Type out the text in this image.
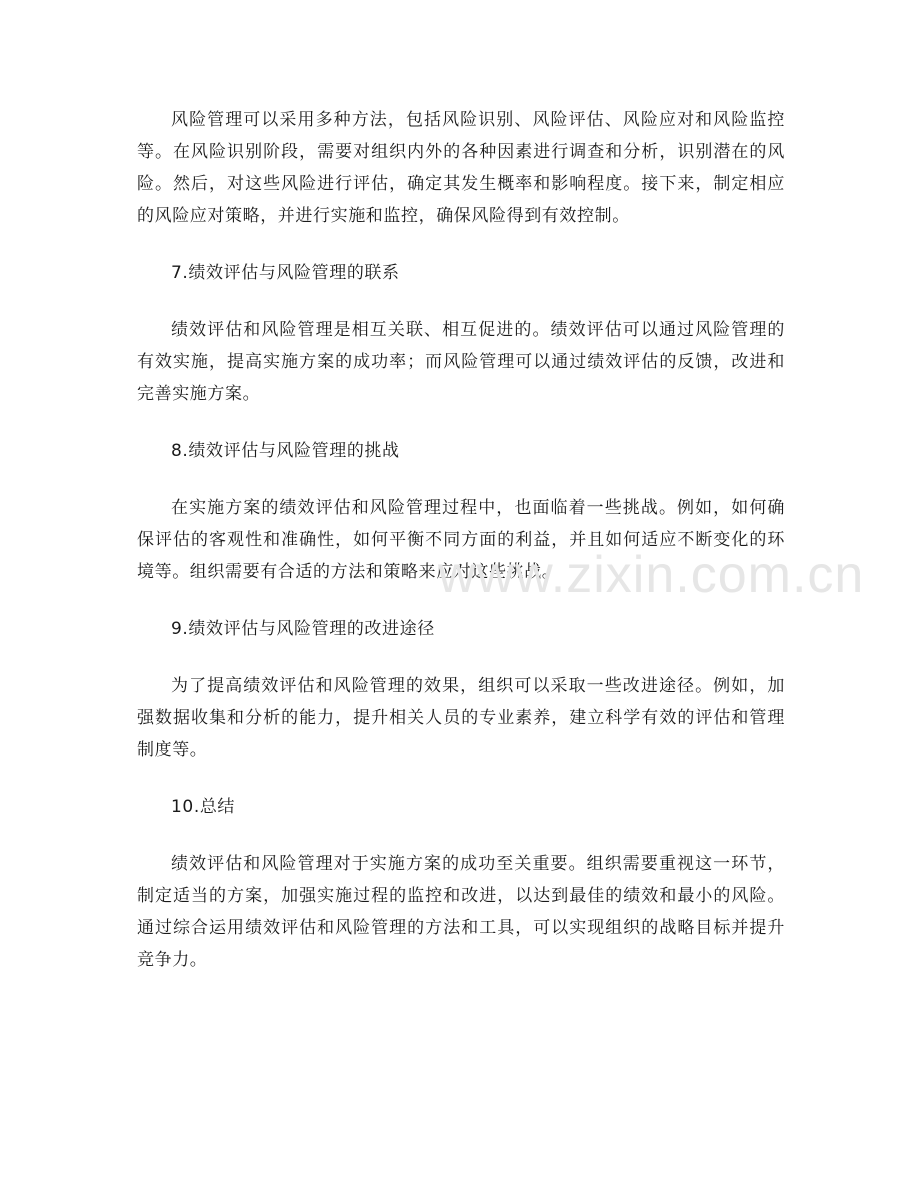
风险管理可以采用多种方法，包括风险识别、风险评估、风险应对和风险监控等。在风险识别阶段，需要对组织内外的各种因素进行调查和分析，识别潜在的风险。然后，对这些风险进行评估，确定其发生概率和影响程度。接下来，制定相应的风险应对策略，并进行实施和监控，确保风险得到有效控制。

7.绩效评估与风险管理的联系

绩效评估和风险管理是相互关联、相互促进的。绩效评估可以通过风险管理的有效实施，提高实施方案的成功率；而风险管理可以通过绩效评估的反馈，改进和完善实施方案。

8.绩效评估与风险管理的挑战

在实施方案的绩效评估和风险管理过程中，也面临着一些挑战。例如，如何确保评估的客观性和准确性，如何平衡不同方面的利益，并且如何适应不断变化的环境等。组织需要有合适的方法和策略来应对这些挑战。

9.绩效评估与风险管理的改进途径

为了提高绩效评估和风险管理的效果，组织可以采取一些改进途径。例如，加强数据收集和分析的能力，提升相关人员的专业素养，建立科学有效的评估和管理制度等。

10.总结

绩效评估和风险管理对于实施方案的成功至关重要。组织需要重视这一环节，制定适当的方案，加强实施过程的监控和改进，以达到最佳的绩效和最小的风险。通过综合运用绩效评估和风险管理的方法和工具，可以实现组织的战略目标并提升竞争力。

www.zixin.com.cn
